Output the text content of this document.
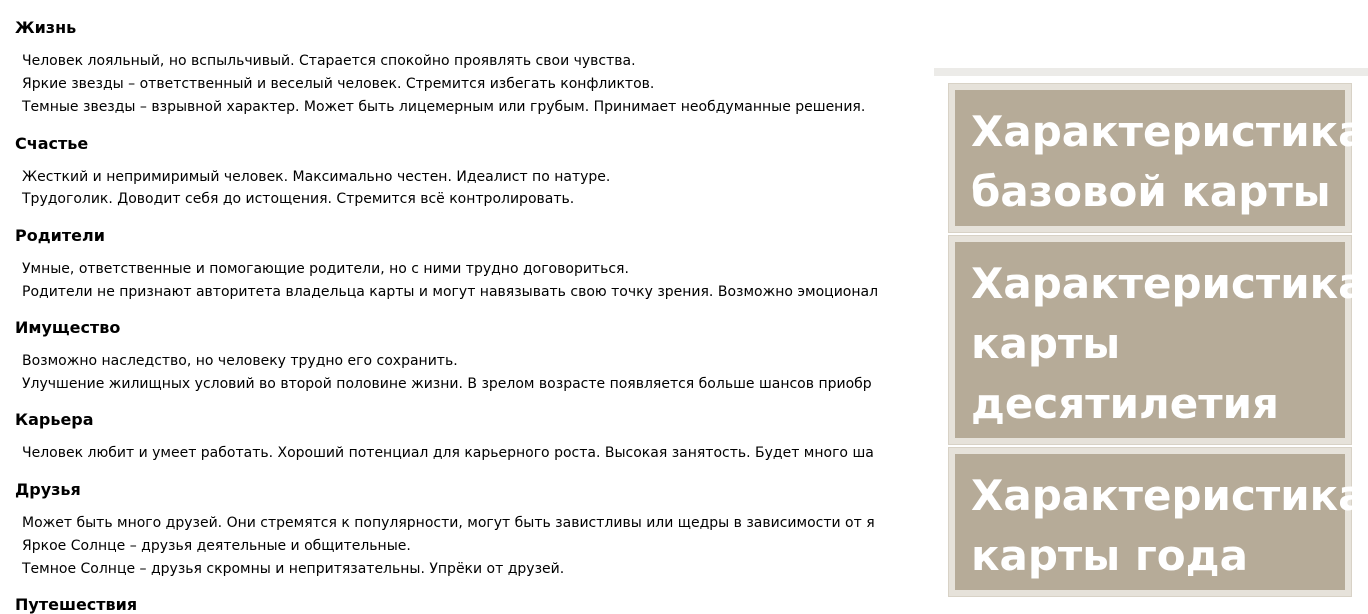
Жизнь
Человек лояльный, но вспыльчивый. Старается спокойно проявлять свои чувства.
Яркие звезды – ответственный и веселый человек. Стремится избегать конфликтов.
Темные звезды – взрывной характер. Может быть лицемерным или грубым. Принимает необдуманные решения.
Счастье
Жесткий и непримиримый человек. Максимально честен. Идеалист по натуре.
Трудоголик. Доводит себя до истощения. Стремится всё контролировать.
Родители
Умные, ответственные и помогающие родители, но с ними трудно договориться.
Родители не признают авторитета владельца карты и могут навязывать свою точку зрения. Возможно эмоционал
Имущество
Возможно наследство, но человеку трудно его сохранить.
Улучшение жилищных условий во второй половине жизни. В зрелом возрасте появляется больше шансов приобр
Карьера
Человек любит и умеет работать. Хороший потенциал для карьерного роста. Высокая занятость. Будет много ша
Друзья
Может быть много друзей. Они стремятся к популярности, могут быть завистливы или щедры в зависимости от я
Яркое Солнце – друзья деятельные и общительные.
Темное Солнце – друзья скромны и непритязательны. Упрёки от друзей.
Путешествия
Характеристика
базовой карты
Характеристика
карты
десятилетия
Характеристика
карты года
